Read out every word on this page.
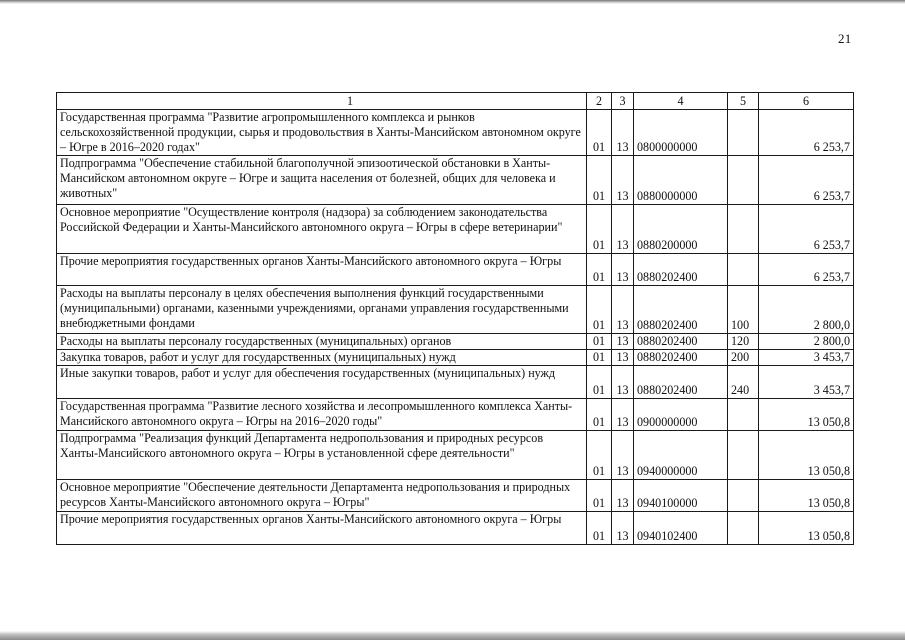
21
1	2	3	4	5	6
Государственная программа "Развитие агропромышленного комплекса и рынков сельскохозяйственной продукции, сырья и продовольствия в Ханты-Мансийском автономном округе – Югре в 2016–2020 годах"	01	13	0800000000		6 253,7
Подпрограмма "Обеспечение стабильной благополучной эпизоотической обстановки в Ханты-Мансийском автономном округе – Югре и защита населения от болезней, общих для человека и животных"	01	13	0880000000		6 253,7
Основное мероприятие "Осуществление контроля (надзора) за соблюдением законодательства Российской Федерации и Ханты-Мансийского автономного округа – Югры в сфере ветеринарии"	01	13	0880200000		6 253,7
Прочие мероприятия государственных органов Ханты-Мансийского автономного округа – Югры	01	13	0880202400		6 253,7
Расходы на выплаты персоналу в целях обеспечения выполнения функций государственными (муниципальными) органами, казенными учреждениями, органами управления государственными внебюджетными фондами	01	13	0880202400	100	2 800,0
Расходы на выплаты персоналу государственных (муниципальных) органов	01	13	0880202400	120	2 800,0
Закупка товаров, работ и услуг для государственных (муниципальных) нужд	01	13	0880202400	200	3 453,7
Иные закупки товаров, работ и услуг для обеспечения государственных (муниципальных) нужд	01	13	0880202400	240	3 453,7
Государственная программа "Развитие лесного хозяйства и лесопромышленного комплекса Ханты-Мансийского автономного округа – Югры на 2016–2020 годы"	01	13	0900000000		13 050,8
Подпрограмма "Реализация функций Департамента недропользования и природных ресурсов Ханты-Мансийского автономного округа – Югры в установленной сфере деятельности"	01	13	0940000000		13 050,8
Основное мероприятие "Обеспечение деятельности Департамента недропользования и природных ресурсов Ханты-Мансийского автономного округа – Югры"	01	13	0940100000		13 050,8
Прочие мероприятия государственных органов Ханты-Мансийского автономного округа – Югры	01	13	0940102400		13 050,8
